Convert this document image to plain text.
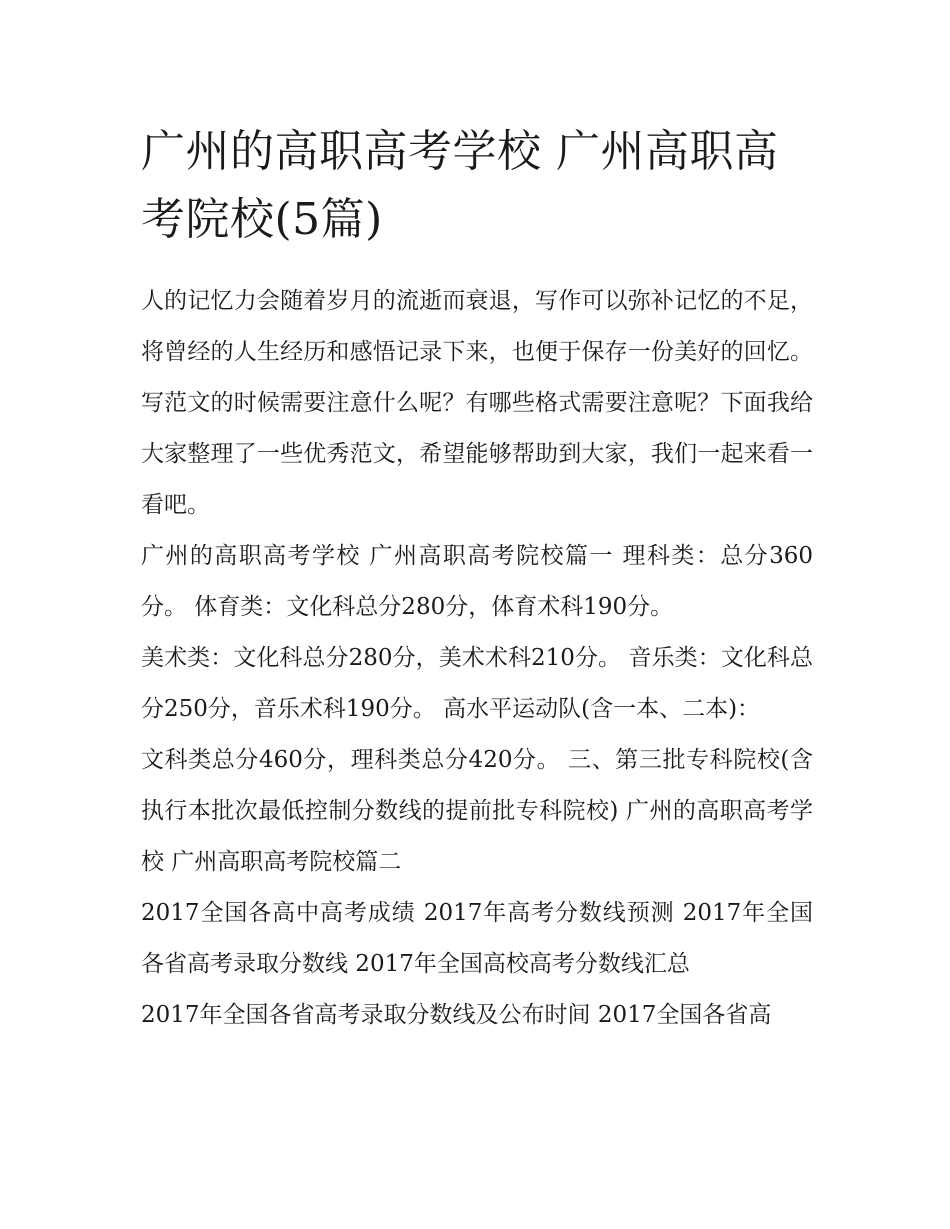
广州的高职高考学校 广州高职高考院校(5篇)

人的记忆力会随着岁月的流逝而衰退，写作可以弥补记忆的不足，将曾经的人生经历和感悟记录下来，也便于保存一份美好的回忆。写范文的时候需要注意什么呢？有哪些格式需要注意呢？下面我给大家整理了一些优秀范文，希望能够帮助到大家，我们一起来看一看吧。

广州的高职高考学校 广州高职高考院校篇一 理科类：总分360分。 体育类：文化科总分280分，体育术科190分。

美术类：文化科总分280分，美术术科210分。 音乐类：文化科总分250分，音乐术科190分。 高水平运动队(含一本、二本)：

文科类总分460分，理科类总分420分。 三、第三批专科院校(含执行本批次最低控制分数线的提前批专科院校) 广州的高职高考学校 广州高职高考院校篇二

2017全国各高中高考成绩 2017年高考分数线预测 2017年全国各省高考录取分数线 2017年全国高校高考分数线汇总

2017年全国各省高考录取分数线及公布时间 2017全国各省高
